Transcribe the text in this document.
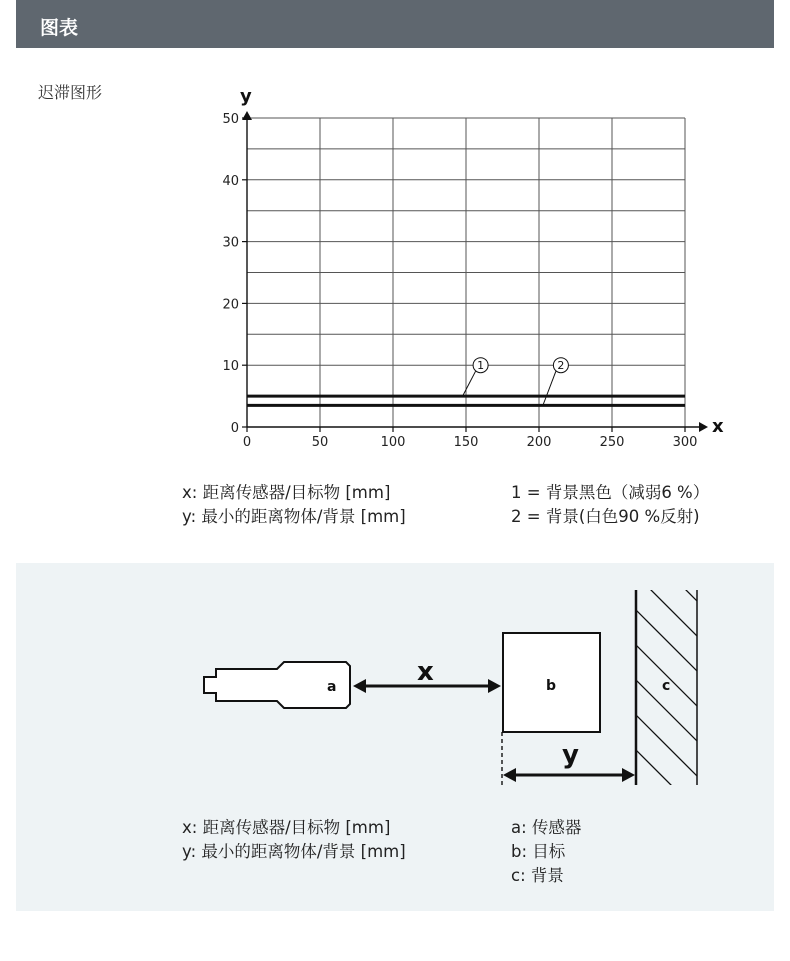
图表
迟滞图形
x
y
0
10
20
30
40
50
0	50	100	150	200	250	300
1	2
x: 距离传感器/目标物 [mm]
y: 最小的距离物体/背景 [mm]
1 = 背景黑色（减弱6 %）
2 = 背景(白色90 %反射)
a	x	b	c
y
x: 距离传感器/目标物 [mm]
y: 最小的距离物体/背景 [mm]
a: 传感器
b: 目标
c: 背景
